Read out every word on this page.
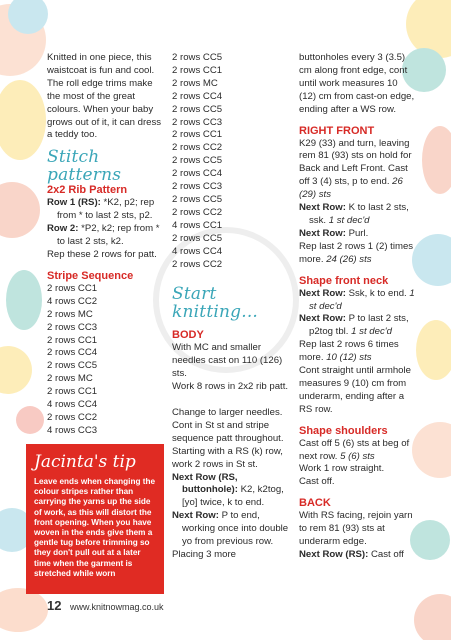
Knitted in one piece, this waistcoat is fun and cool. The roll edge trims make the most of the great colours. When your baby grows out of it, it can dress a teddy too.

Stitch patterns

2x2 Rib Pattern

Row 1 (RS): *K2, p2; rep from * to last 2 sts, p2.

Row 2: *P2, k2; rep from * to last 2 sts, k2.

Rep these 2 rows for patt.

Stripe Sequence

2 rows CC1

4 rows CC2

2 rows MC

2 rows CC3

2 rows CC1

2 rows CC4

2 rows CC5

2 rows MC

2 rows CC1

4 rows CC4

2 rows CC2

4 rows CC3

Jacinta's tip
Leave ends when changing the colour stripes rather than carrying the yarns up the side of work, as this will distort the front opening. When you have woven in the ends give them a gentle tug before trimming so they don't pull out at a later time when the garment is stretched while worn

2 rows CC5

2 rows CC1

2 rows MC

2 rows CC4

2 rows CC5

2 rows CC3

2 rows CC1

2 rows CC2

2 rows CC5

2 rows CC4

2 rows CC3

2 rows CC5

2 rows CC2

4 rows CC1

2 rows CC5

4 rows CC4

2 rows CC2

Start knitting...

BODY

With MC and smaller needles cast on 110 (126) sts.

Work 8 rows in 2x2 rib patt.

Change to larger needles. Cont in St st and stripe sequence patt throughout. Starting with a RS (k) row, work 2 rows in St st.

Next Row (RS, buttonhole): K2, k2tog, [yo] twice, k to end.

Next Row: P to end, working once into double yo from previous row.

Placing 3 more

buttonholes every 3 (3.5) cm along front edge, cont until work measures 10 (12) cm from cast-on edge, ending after a WS row.

RIGHT FRONT

K29 (33) and turn, leaving rem 81 (93) sts on hold for Back and Left Front. Cast off 3 (4) sts, p to end. 26 (29) sts

Next Row: K to last 2 sts, ssk. 1 st dec'd

Next Row: Purl.

Rep last 2 rows 1 (2) times more. 24 (26) sts

Shape front neck

Next Row: Ssk, k to end. 1 st dec'd

Next Row: P to last 2 sts, p2tog tbl. 1 st dec'd

Rep last 2 rows 6 times more. 10 (12) sts

Cont straight until armhole measures 9 (10) cm from underarm, ending after a RS row.

Shape shoulders

Cast off 5 (6) sts at beg of next row. 5 (6) sts

Work 1 row straight.

Cast off.

BACK

With RS facing, rejoin yarn to rem 81 (93) sts at underarm edge.

Next Row (RS): Cast off

12 www.knitnowmag.co.uk
